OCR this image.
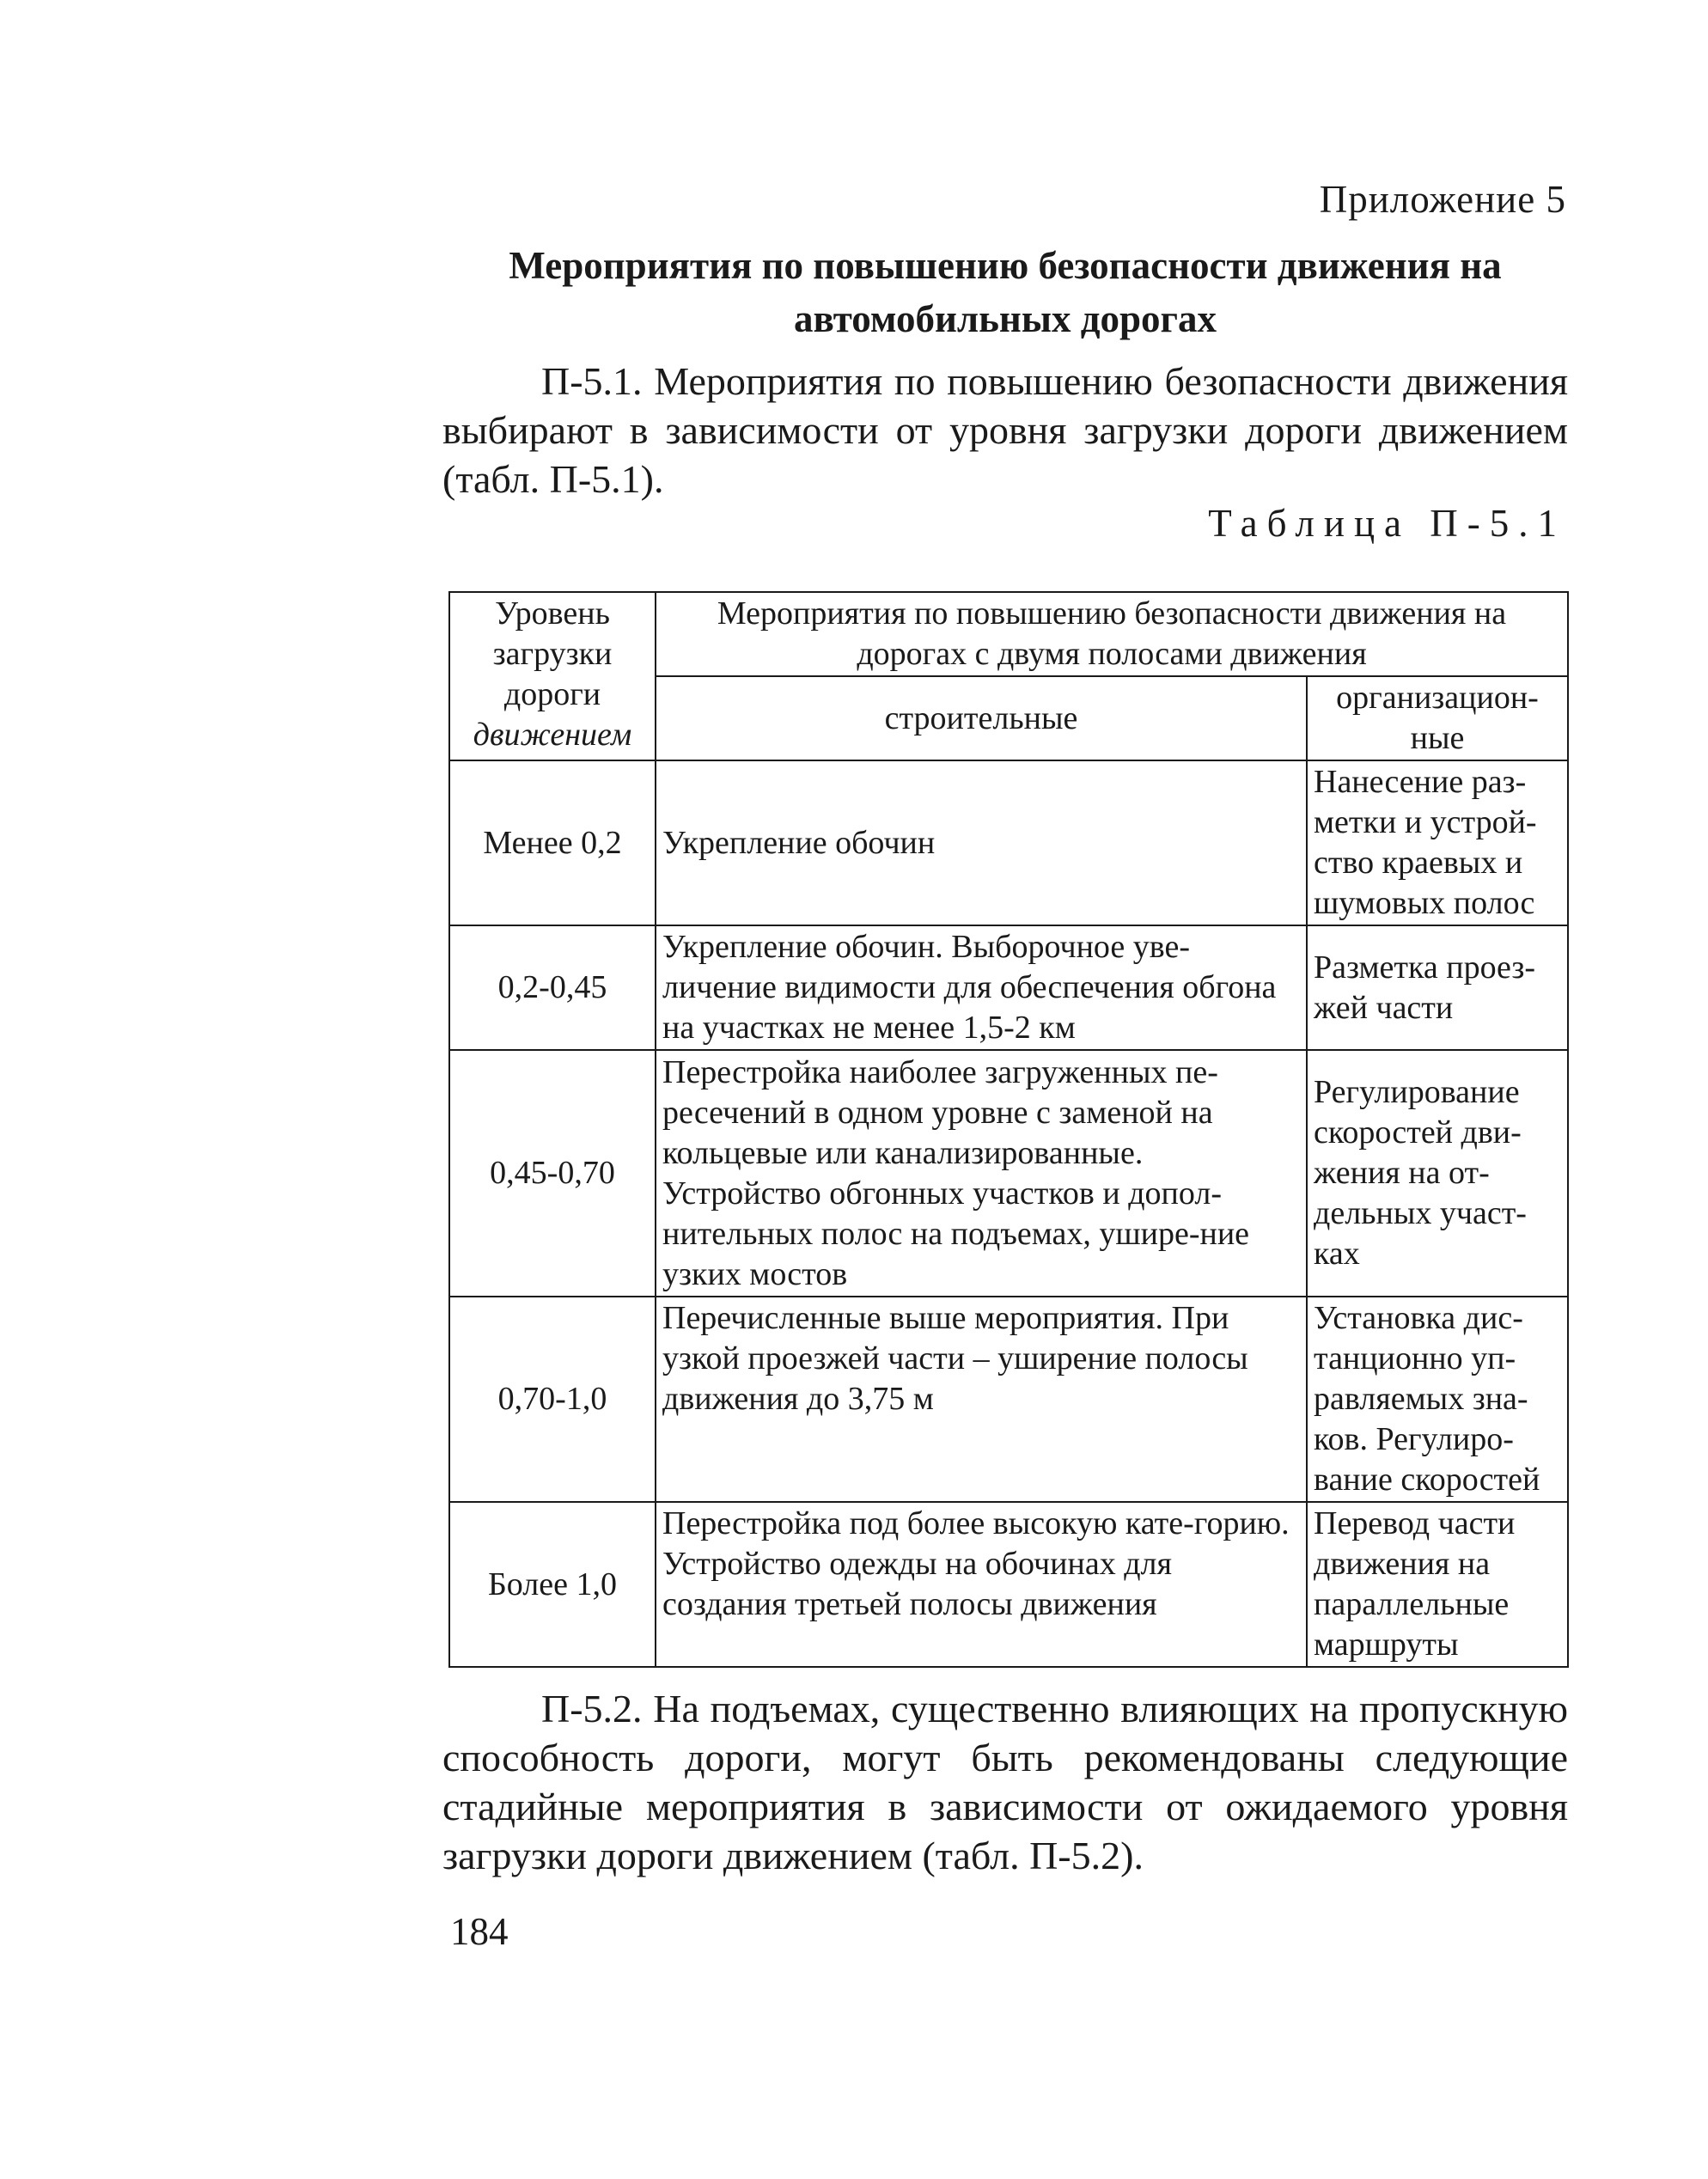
Приложение 5
Мероприятия по повышению безопасности движения на
автомобильных дорогах
П-5.1. Мероприятия по повышению безопасности движения выбирают в зависимости от уровня загрузки дороги движением (табл. П-5.1).
Таблица П-5.1
Уровень загрузки дороги
движением	Мероприятия по повышению безопасности движения на дорогах с двумя полосами движения	
	строительные	организацион-ные
Менее 0,2	Укрепление обочин	Нанесение раз-метки и устрой-ство краевых и шумовых полос
0,2-0,45	Укрепление обочин. Выборочное уве-личение видимости для обеспечения обгона на участках не менее 1,5-2 км	Разметка проез-жей части
0,45-0,70	Перестройка наиболее загруженных пе-ресечений в одном уровне с заменой на кольцевые или канализированные. Устройство обгонных участков и допол-нительных полос на подъемах, ушире-ние узких мостов	Регулирование скоростей дви-жения на от-дельных участ-ках
0,70-1,0	Перечисленные выше мероприятия. При узкой проезжей части – уширение полосы движения до 3,75 м	Установка дис-танционно уп-равляемых зна-ков. Регулиро-вание скоростей
Более 1,0	Перестройка под более высокую кате-горию. Устройство одежды на обочинах для создания третьей полосы движения	Перевод части движения на параллельные маршруты
П-5.2. На подъемах, существенно влияющих на пропускную способность дороги, могут быть рекомендованы следующие стадийные мероприятия в зависимости от ожидаемого уровня загрузки дороги движением (табл. П-5.2).
184
